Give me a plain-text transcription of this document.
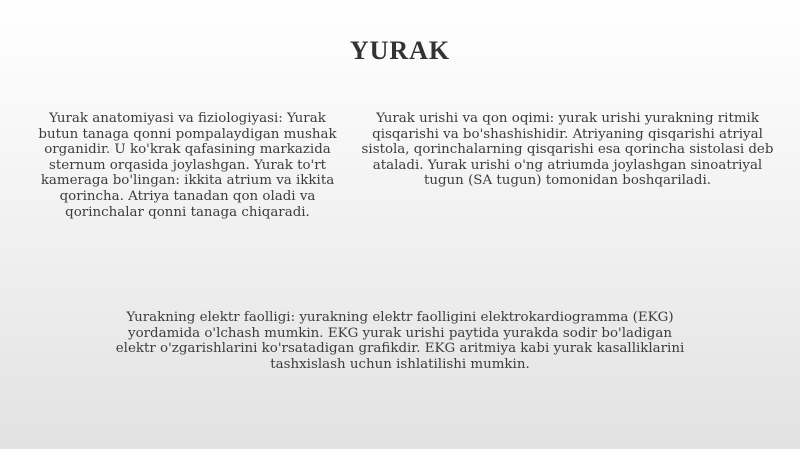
YURAK

Yurak anatomiyasi va fiziologiyasi: Yurak butun tanaga qonni pompalaydigan mushak organidir. U ko'krak qafasining markazida sternum orqasida joylashgan. Yurak to'rt kameraga bo'lingan: ikkita atrium va ikkita qorincha. Atriya tanadan qon oladi va qorinchalar qonni tanaga chiqaradi.

Yurak urishi va qon oqimi: yurak urishi yurakning ritmik qisqarishi va bo'shashishidir. Atriyaning qisqarishi atriyal sistola, qorinchalarning qisqarishi esa qorincha sistolasi deb ataladi. Yurak urishi o'ng atriumda joylashgan sinoatriyal tugun (SA tugun) tomonidan boshqariladi.

Yurakning elektr faolligi: yurakning elektr faolligini elektrokardiogramma (EKG) yordamida o'lchash mumkin. EKG yurak urishi paytida yurakda sodir bo'ladigan elektr o'zgarishlarini ko'rsatadigan grafikdir. EKG aritmiya kabi yurak kasalliklarini tashxislash uchun ishlatilishi mumkin.
